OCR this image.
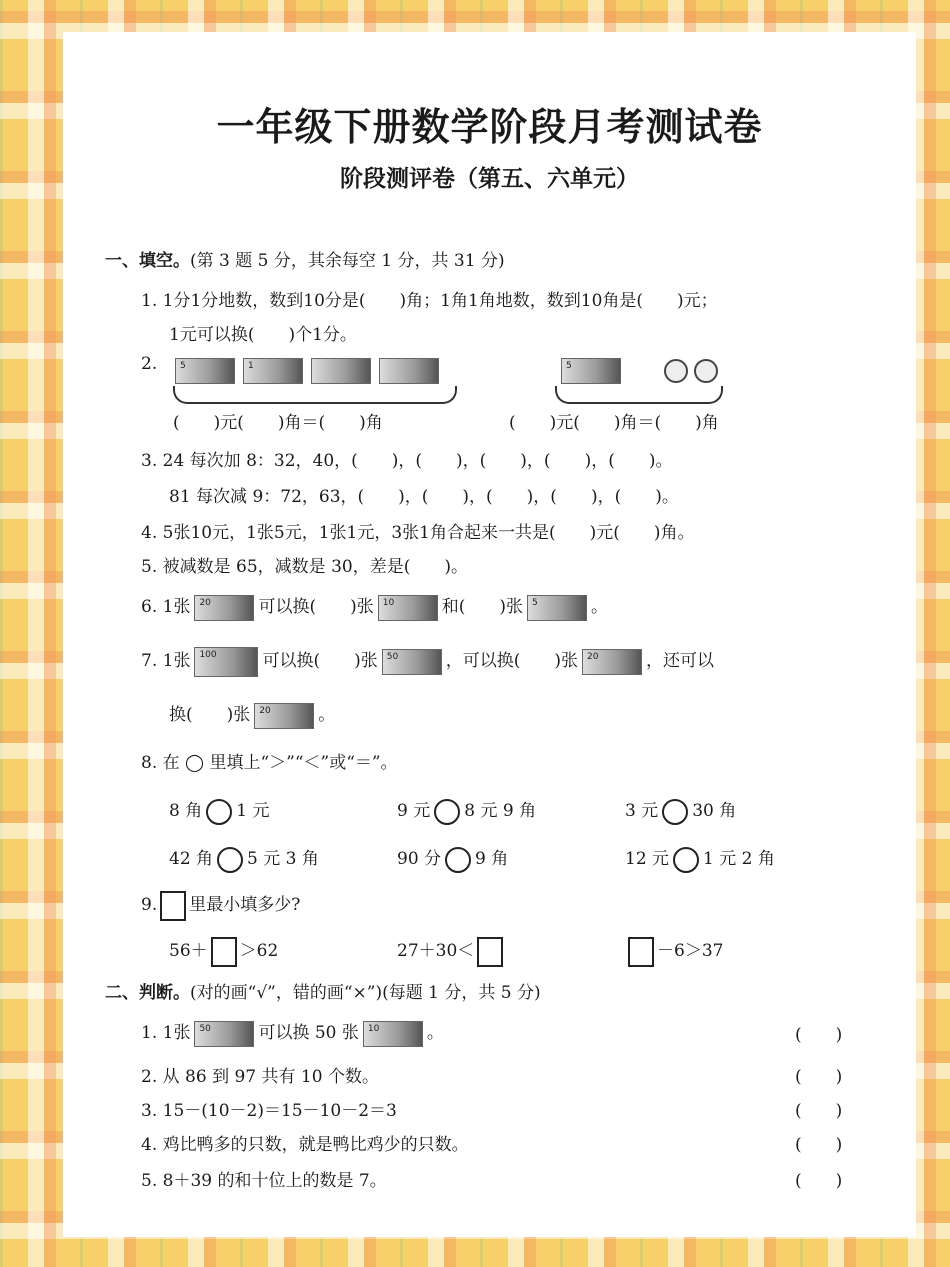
一年级下册数学阶段月考测试卷
阶段测评卷（第五、六单元）
一、填空。(第 3 题 5 分，其余每空 1 分，共 31 分)
1. 1分1分地数，数到10分是(　　)角；1角1角地数，数到10角是(　　)元；
1元可以换(　　)个1分。
2.	5	1
(　　)元(　　)角＝(　　)角
5

(　　)元(　　)角＝(　　)角
3. 24 每次加 8：32，40，(　　)，(　　)，(　　)，(　　)，(　　)。
81 每次减 9：72，63，(　　)，(　　)，(　　)，(　　)，(　　)。
4. 5张10元，1张5元，1张1元，3张1角合起来一共是(　　)元(　　)角。
5. 被减数是 65，减数是 30，差是(　　)。
6. 1张 20	可以换(　　)张 10	和(　　)张 5	。
7. 1张 100	可以换(　　)张 50	，可以换(　　)张 20	，还可以
换(　　)张 20	。
8. 在 ◯ 里填上“＞”“＜”或“＝”。
8 角 1 元	9 元 8 元 9 角	3 元 30 角
42 角 5 元 3 角	90 分 9 角	12 元 1 元 2 角
9. 里最小填多少?
56＋ ＞62	27＋30＜	－6＞37
二、判断。(对的画“√”，错的画“×”)(每题 1 分，共 5 分)
1. 1张 50	可以换 50 张 10	。	(　　)
2. 从 86 到 97 共有 10 个数。	(　　)
3. 15－(10－2)＝15－10－2＝3	(　　)
4. 鸡比鸭多的只数，就是鸭比鸡少的只数。	(　　)
5. 8＋39 的和十位上的数是 7。	(　　)
